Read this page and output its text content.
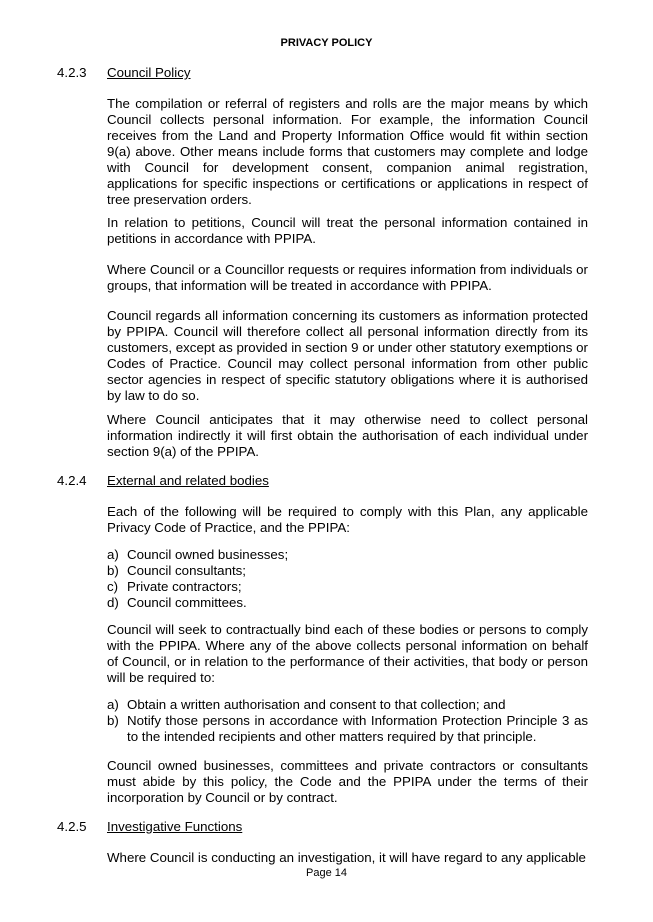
PRIVACY POLICY
4.2.3 Council Policy

The compilation or referral of registers and rolls are the major means by which Council collects personal information. For example, the information Council receives from the Land and Property Information Office would fit within section 9(a) above. Other means include forms that customers may complete and lodge with Council for development consent, companion animal registration, applications for specific inspections or certifications or applications in respect of tree preservation orders.

In relation to petitions, Council will treat the personal information contained in petitions in accordance with PPIPA.

Where Council or a Councillor requests or requires information from individuals or groups, that information will be treated in accordance with PPIPA.

Council regards all information concerning its customers as information protected by PPIPA. Council will therefore collect all personal information directly from its customers, except as provided in section 9 or under other statutory exemptions or Codes of Practice. Council may collect personal information from other public sector agencies in respect of specific statutory obligations where it is authorised by law to do so.

Where Council anticipates that it may otherwise need to collect personal information indirectly it will first obtain the authorisation of each individual under section 9(a) of the PPIPA.

4.2.4 External and related bodies

Each of the following will be required to comply with this Plan, any applicable Privacy Code of Practice, and the PPIPA:

a) Council owned businesses;
b) Council consultants;
c) Private contractors;
d) Council committees.

Council will seek to contractually bind each of these bodies or persons to comply with the PPIPA. Where any of the above collects personal information on behalf of Council, or in relation to the performance of their activities, that body or person will be required to:

a) Obtain a written authorisation and consent to that collection; and
b) Notify those persons in accordance with Information Protection Principle 3 as to the intended recipients and other matters required by that principle.

Council owned businesses, committees and private contractors or consultants must abide by this policy, the Code and the PPIPA under the terms of their incorporation by Council or by contract.

4.2.5 Investigative Functions

Where Council is conducting an investigation, it will have regard to any applicable

Page 14
